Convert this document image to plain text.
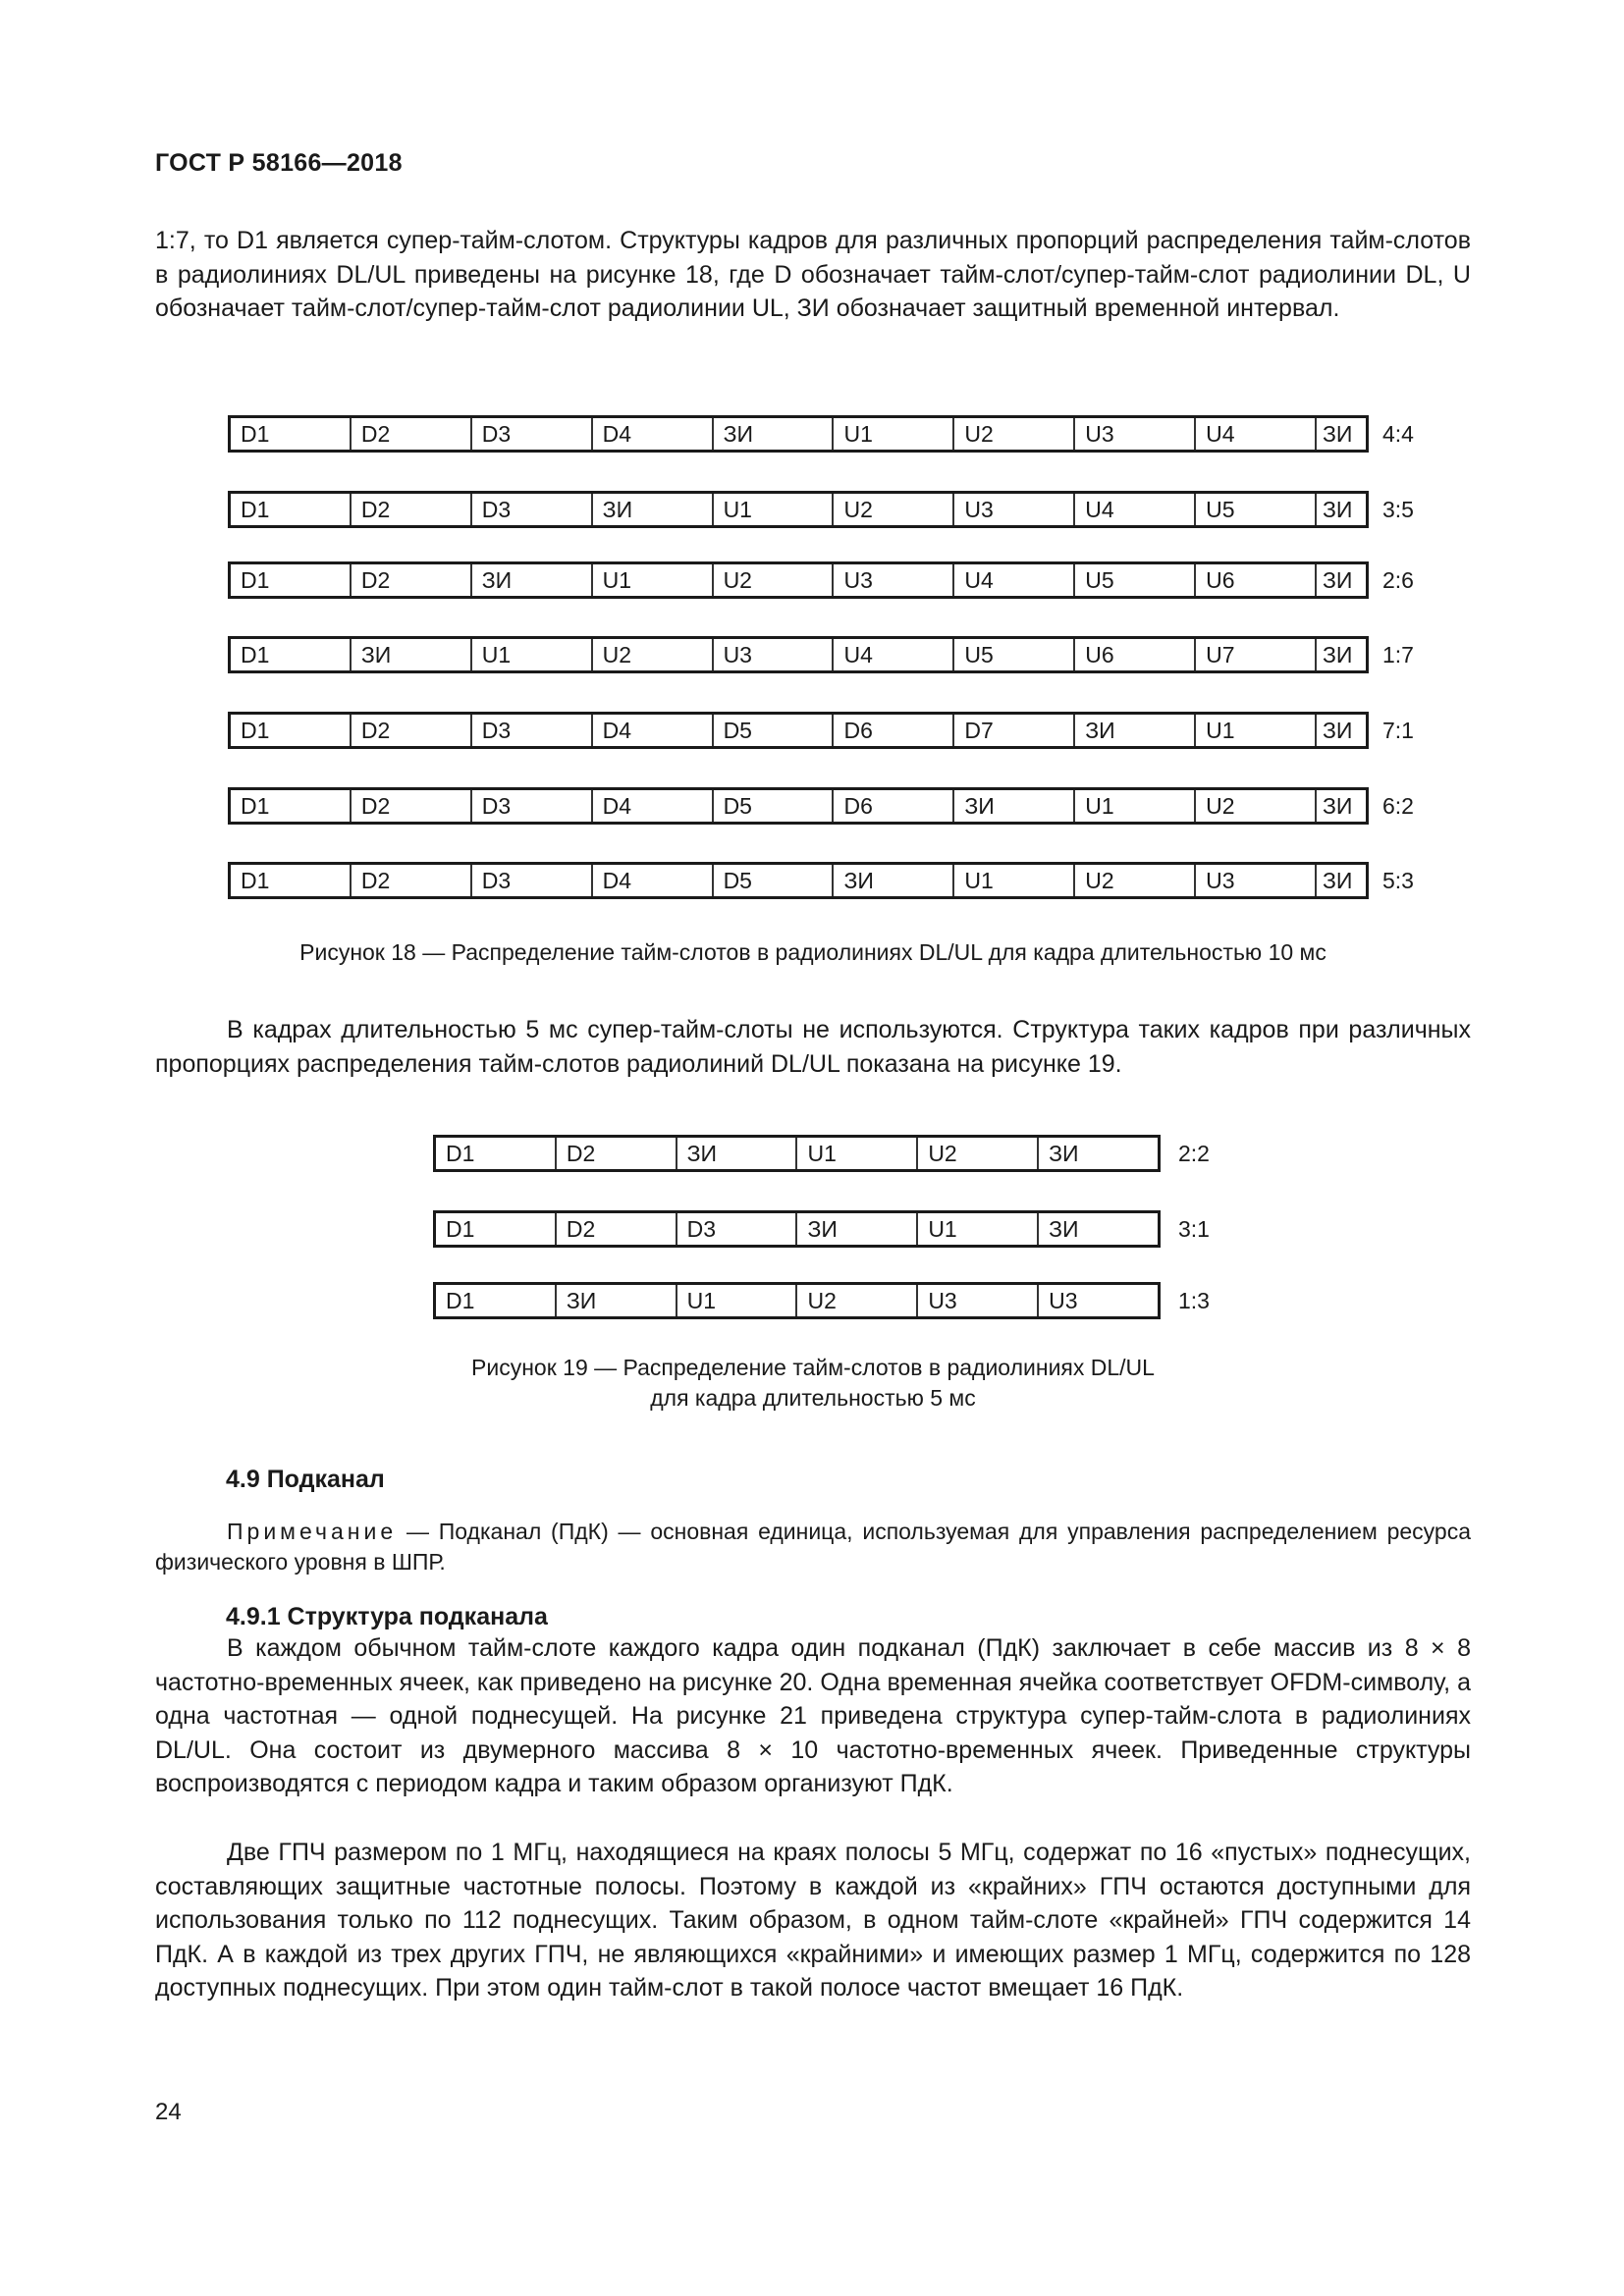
ГОСТ Р 58166—2018

1:7, то D1 является супер-тайм-слотом. Структуры кадров для различных пропорций распределения тайм-слотов в радиолиниях DL/UL приведены на рисунке 18, где D обозначает тайм-слот/супер-тайм-слот радиолинии DL, U обозначает тайм-слот/супер-тайм-слот радиолинии UL, ЗИ обозначает защитный временной интервал.

D1	D2	D3	D4	ЗИ	U1	U2	U3	U4	ЗИ	4:4
D1	D2	D3	ЗИ	U1	U2	U3	U4	U5	ЗИ	3:5
D1	D2	ЗИ	U1	U2	U3	U4	U5	U6	ЗИ	2:6
D1	ЗИ	U1	U2	U3	U4	U5	U6	U7	ЗИ	1:7
D1	D2	D3	D4	D5	D6	D7	ЗИ	U1	ЗИ	7:1
D1	D2	D3	D4	D5	D6	ЗИ	U1	U2	ЗИ	6:2
D1	D2	D3	D4	D5	ЗИ	U1	U2	U3	ЗИ	5:3
Рисунок 18 — Распределение тайм-слотов в радиолиниях DL/UL для кадра длительностью 10 мс

В кадрах длительностью 5 мс супер-тайм-слоты не используются. Структура таких кадров при различных пропорциях распределения тайм-слотов радиолиний DL/UL показана на рисунке 19.

D1	D2	ЗИ	U1	U2	ЗИ	2:2
D1	D2	D3	ЗИ	U1	ЗИ	3:1
D1	ЗИ	U1	U2	U3	U3	1:3
Рисунок 19 — Распределение тайм-слотов в радиолиниях DL/UL
для кадра длительностью 5 мс
4.9 Подканал

Примечание — Подканал (ПдК) — основная единица, используемая для управления распределением ресурса физического уровня в ШПР.

4.9.1 Структура подканала

В каждом обычном тайм-слоте каждого кадра один подканал (ПдК) заключает в себе массив из 8 × 8 частотно-временных ячеек, как приведено на рисунке 20. Одна временная ячейка соответствует OFDM-символу, а одна частотная — одной поднесущей. На рисунке 21 приведена структура супер-тайм-слота в радиолиниях DL/UL. Она состоит из двумерного массива 8 × 10 частотно-временных ячеек. Приведенные структуры воспроизводятся с периодом кадра и таким образом организуют ПдК.

Две ГПЧ размером по 1 МГц, находящиеся на краях полосы 5 МГц, содержат по 16 «пустых» поднесущих, составляющих защитные частотные полосы. Поэтому в каждой из «крайних» ГПЧ остаются доступными для использования только по 112 поднесущих. Таким образом, в одном тайм-слоте «крайней» ГПЧ содержится 14 ПдК. А в каждой из трех других ГПЧ, не являющихся «крайними» и имеющих размер 1 МГц, содержится по 128 доступных поднесущих. При этом один тайм-слот в такой полосе частот вмещает 16 ПдК.

24
